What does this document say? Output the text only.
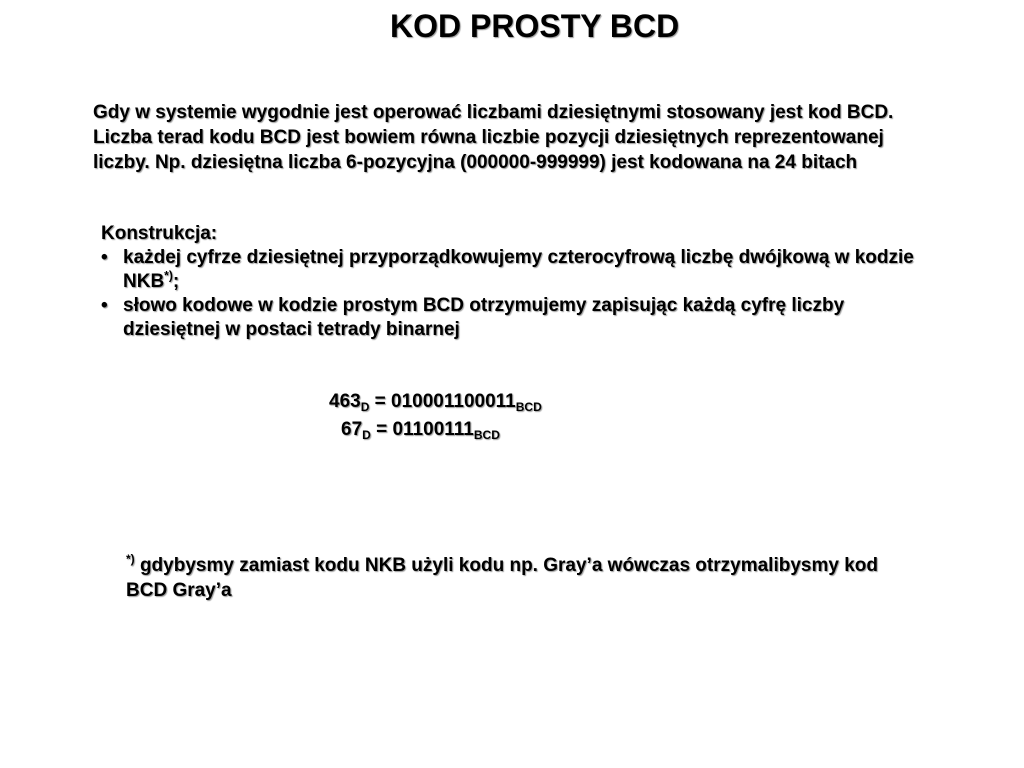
KOD PROSTY BCD
Gdy w systemie wygodnie jest operować liczbami dziesiętnymi stosowany jest kod BCD. Liczba terad kodu BCD jest bowiem równa liczbie pozycji dziesiętnych reprezentowanej liczby. Np. dziesiętna liczba 6-pozycyjna (000000-999999) jest kodowana na 24 bitach
Konstrukcja:
• każdej cyfrze dziesiętnej przyporządkowujemy czterocyfrową liczbę dwójkową w kodzie NKB*);
• słowo kodowe w kodzie prostym BCD otrzymujemy zapisując każdą cyfrę liczby dziesiętnej w postaci tetrady binarnej
$463_D = 010001100011_{BCD}$
$67_D = 01100111_{BCD}$
*) gdybysmy zamiast kodu NKB użyli kodu np. Gray’a wówczas otrzymalibysmy kod BCD Gray’a
